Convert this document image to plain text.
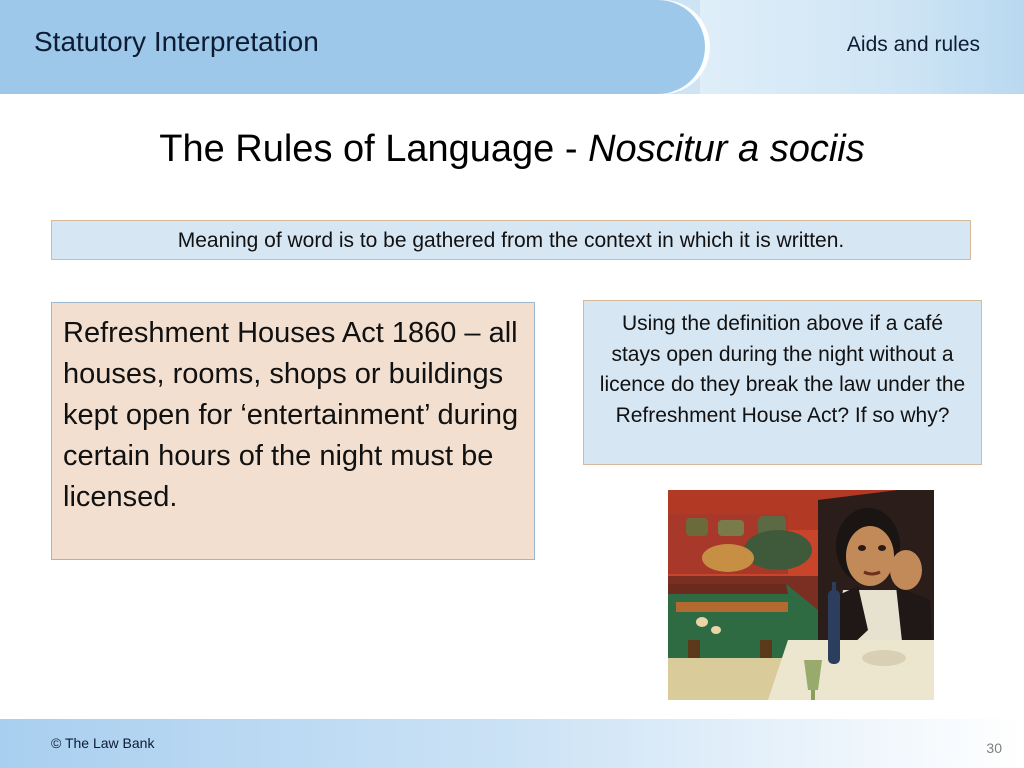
Statutory Interpretation	Aids and rules
The Rules of Language - Noscitur a sociis
Meaning of word is to be gathered from the context in which it is written.
Refreshment Houses Act 1860 – all houses, rooms, shops or buildings kept open for ‘entertainment’ during certain hours of the night must be licensed.
Using the definition above if a café stays open during the night without a licence do they break the law under the Refreshment House Act? If so why?
© The Law Bank	30
